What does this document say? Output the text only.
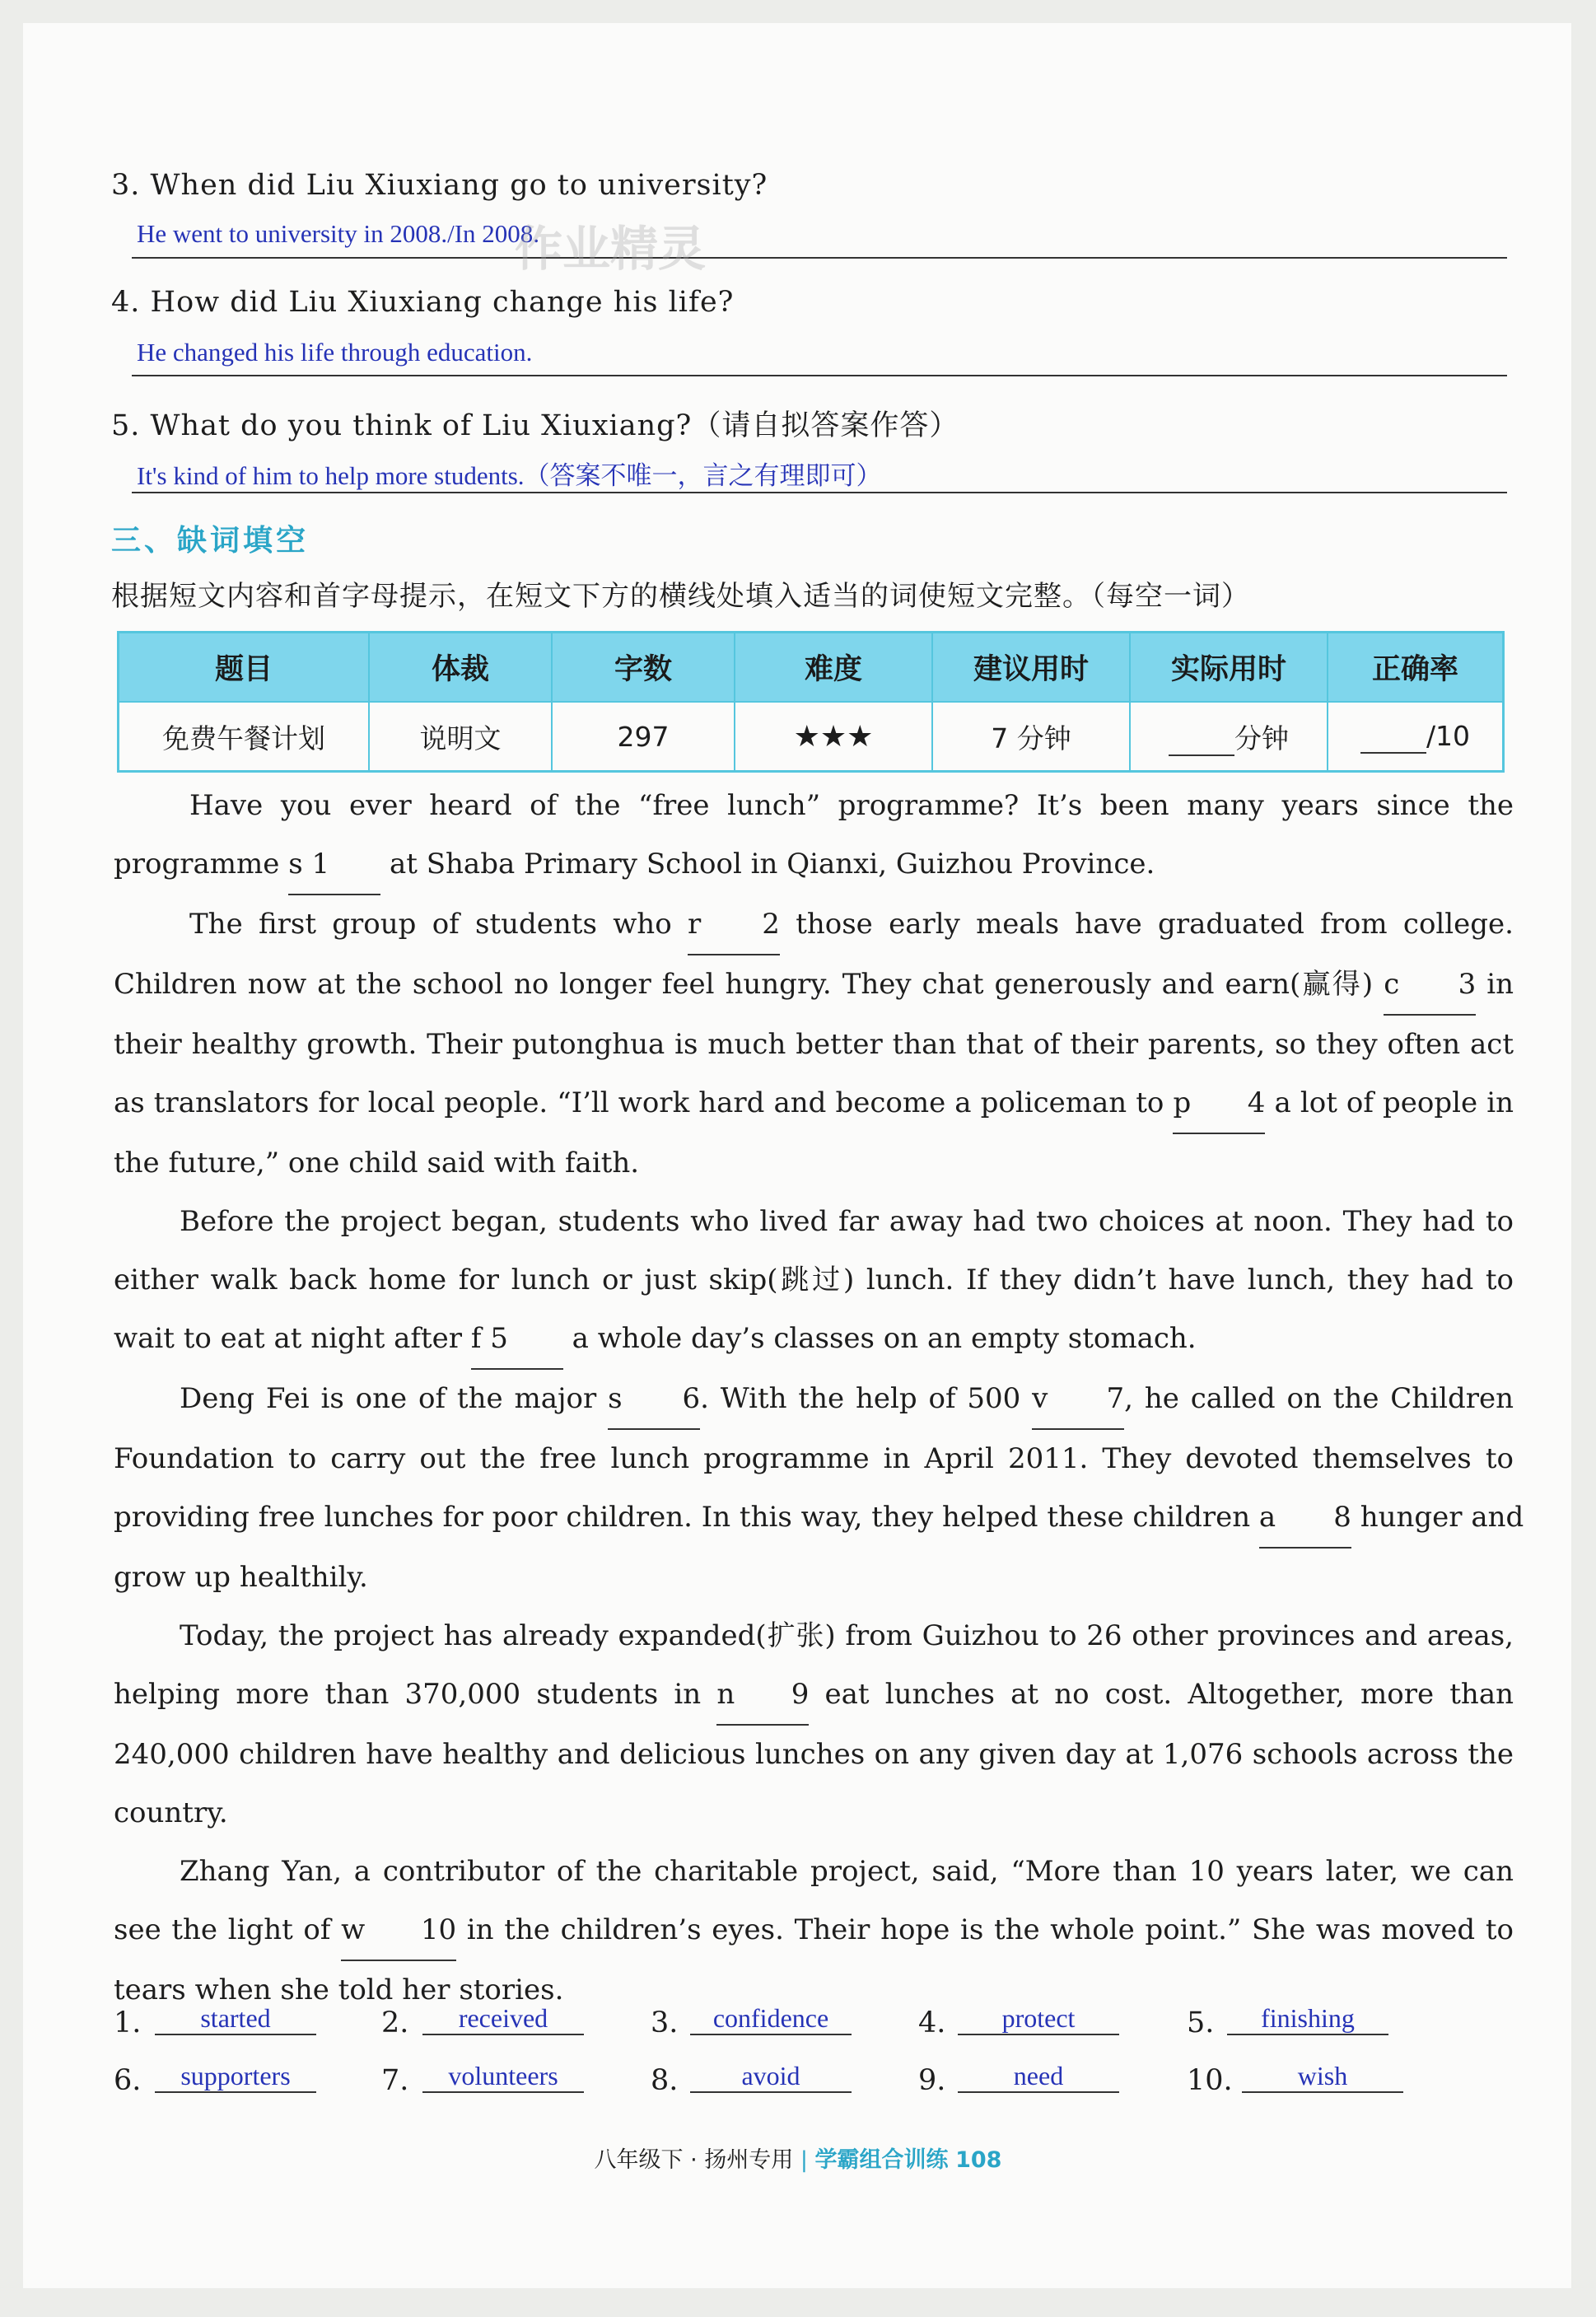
3. When did Liu Xiuxiang go to university?
He went to university in 2008./In 2008.
4. How did Liu Xiuxiang change his life?
He changed his life through education.
5. What do you think of Liu Xiuxiang?（请自拟答案作答）
It's kind of him to help more students.（答案不唯一，言之有理即可）
三、缺词填空
根据短文内容和首字母提示，在短文下方的横线处填入适当的词使短文完整。（每空一词）
题目	体裁	字数	难度	建议用时	实际用时	正确率
免费午餐计划	说明文	297	★★★	7 分钟	分钟	/10

Have you ever heard of the “free lunch” programme? It’s been many years since the

programme s 1 at Shaba Primary School in Qianxi, Guizhou Province.

The first group of students who r 2 those early meals have graduated from college.

Children now at the school no longer feel hungry. They chat generously and earn(赢得) c 3 in

their healthy growth. Their putonghua is much better than that of their parents, so they often act

as translators for local people. “I’ll work hard and become a policeman to p 4 a lot of people in

the future,” one child said with faith.

Before the project began, students who lived far away had two choices at noon. They had to

either walk back home for lunch or just skip(跳过) lunch. If they didn’t have lunch, they had to

wait to eat at night after f 5 a whole day’s classes on an empty stomach.

Deng Fei is one of the major s 6. With the help of 500 v 7, he called on the Children

Foundation to carry out the free lunch programme in April 2011. They devoted themselves to

providing free lunches for poor children. In this way, they helped these children a 8 hunger and

grow up healthily.

Today, the project has already expanded(扩张) from Guizhou to 26 other provinces and areas,

helping more than 370,000 students in n 9 eat lunches at no cost. Altogether, more than

240,000 children have healthy and delicious lunches on any given day at 1,076 schools across the

country.

Zhang Yan, a contributor of the charitable project, said, “More than 10 years later, we can

see the light of w 10 in the children’s eyes. Their hope is the whole point.” She was moved to

tears when she told her stories.

1.	started	2.	received	3.	confidence	4.	protect	5.	finishing
6.	supporters	7.	volunteers	8.	avoid	9.	need	10.	wish
作业精灵
八年级下 · 扬州专用 | 学霸组合训练 108
